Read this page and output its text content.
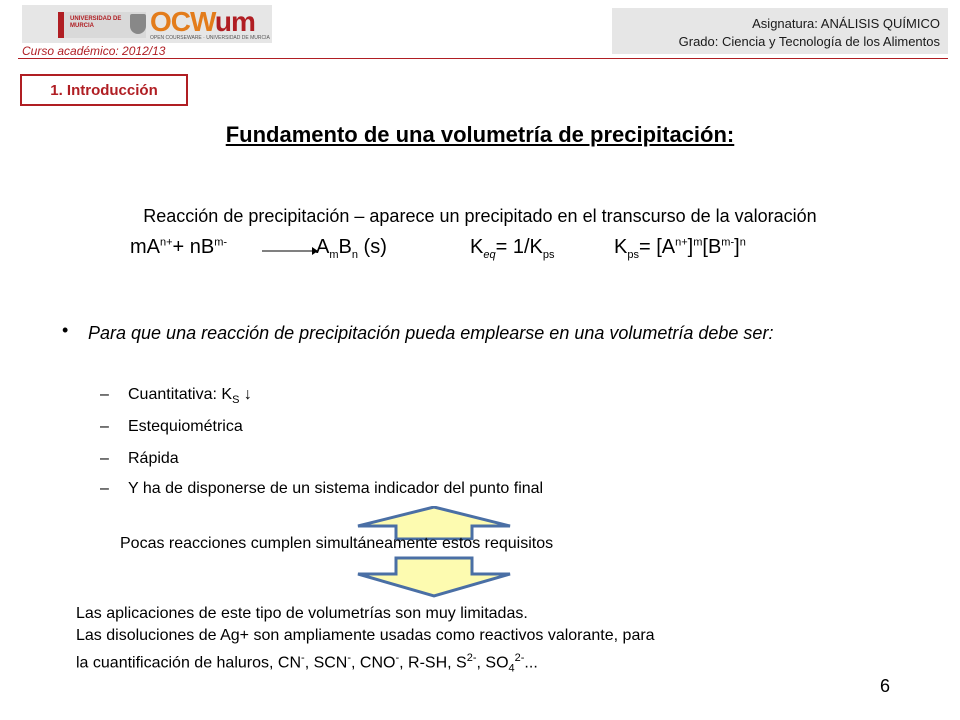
UNIVERSIDAD DE MURCIA	OCWum
OPEN COURSEWARE · UNIVERSIDAD DE MURCIA
Curso académico: 2012/13
Asignatura: ANÁLISIS QUÍMICO
Grado: Ciencia y Tecnología de los Alimentos
1. Introducción
Fundamento de una volumetría de precipitación:
Reacción de precipitación – aparece un precipitado en el transcurso de la valoración
$mA^{n+}+ nB^{m-}$	$A_mB_n$ (s)	$K_{eq}= 1/K_{ps}$	$K_{ps}= [A^{n+}]^m[B^{m-}]^n$
• Para que una reacción de precipitación pueda emplearse en una volumetría debe ser:
– Cuantitativa: $K_S$ ↓
– Estequiométrica
– Rápida
– Y ha de disponerse de un sistema indicador del punto final
Pocas reacciones cumplen simultáneamente estos requisitos
Las aplicaciones de este tipo de volumetrías son muy limitadas.
Las disoluciones de Ag+ son ampliamente usadas como reactivos valorante, para
la cuantificación de haluros, CN-, SCN-, CNO-, R-SH, $S^{2-}$, $SO_4^{2-}$...
6
